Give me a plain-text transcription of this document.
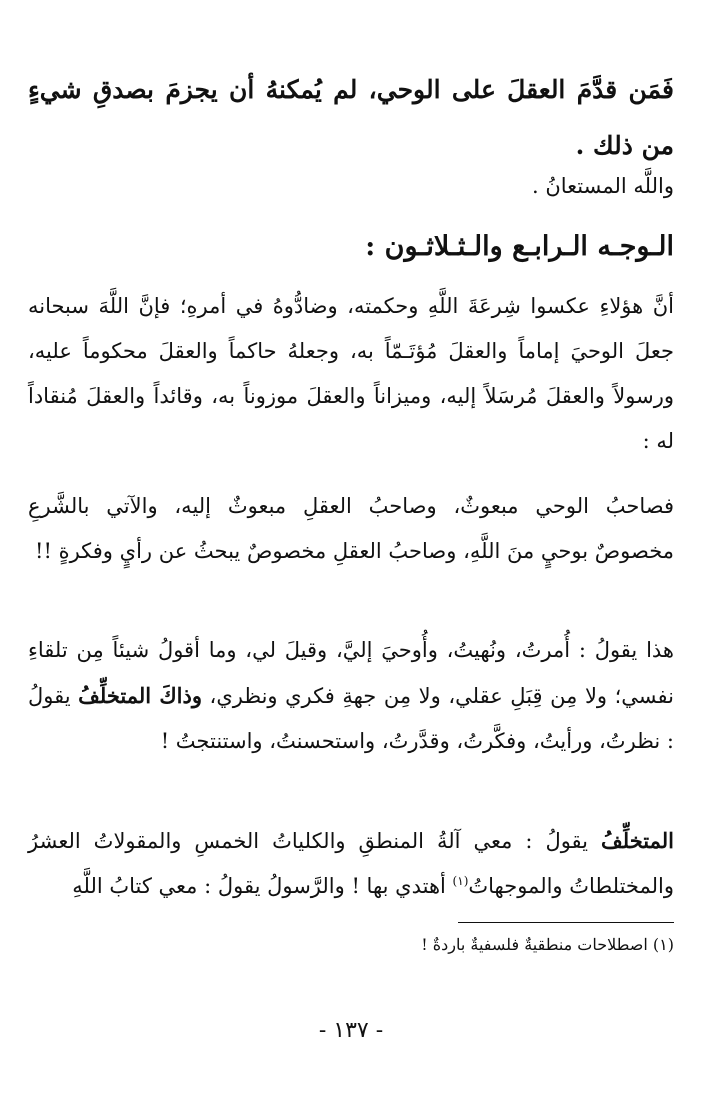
فَمَن قدَّمَ العقلَ على الوحي، لم يُمكنهُ أن يجزمَ بصدقِ شيءٍ من ذلك .
واللَّه المستعانُ .
الـوجـه الـرابـع والـثـلاثـون :
أنَّ هؤلاءِ عكسوا شِرعَةَ اللَّهِ وحكمته، وضادُّوهُ في أمرهِ؛ فإنَّ اللَّهَ سبحانه جعلَ الوحيَ إماماً والعقلَ مُؤتَـمّاً به، وجعلهُ حاكماً والعقلَ محكوماً عليه، ورسولاً والعقلَ مُرسَلاً إليه، وميزاناً والعقلَ موزوناً به، وقائداً والعقلَ مُنقاداً له :
فصاحبُ الوحي مبعوثٌ، وصاحبُ العقلِ مبعوثٌ إليه، والآتي بالشَّرعِ مخصوصٌ بوحيٍ منَ اللَّهِ، وصاحبُ العقلِ مخصوصٌ يبحثُ عن رأيٍ وفكرةٍ !!
هذا يقولُ : أُمرتُ، ونُهيتُ، وأُوحيَ إليَّ، وقيلَ لي، وما أقولُ شيئاً مِن تلقاءِ نفسي؛ ولا مِن قِبَلِ عقلي، ولا مِن جهةِ فكري ونظري، وذاكَ المتخلِّفُ يقولُ : نظرتُ، ورأيتُ، وفكَّرتُ، وقدَّرتُ، واستحسنتُ، واستنتجتُ !
المتخلِّفُ يقولُ : معي آلةُ المنطقِ والكلياتُ الخمسِ والمقولاتُ العشرُ والمختلطاتُ والموجهاتُ$^{(١)}$ أهتدي بها ! والرَّسولُ يقولُ : معي كتابُ اللَّهِ
(١) اصطلاحات منطقيةٌ فلسفيةٌ باردةٌ !
- ١٣٧ -
